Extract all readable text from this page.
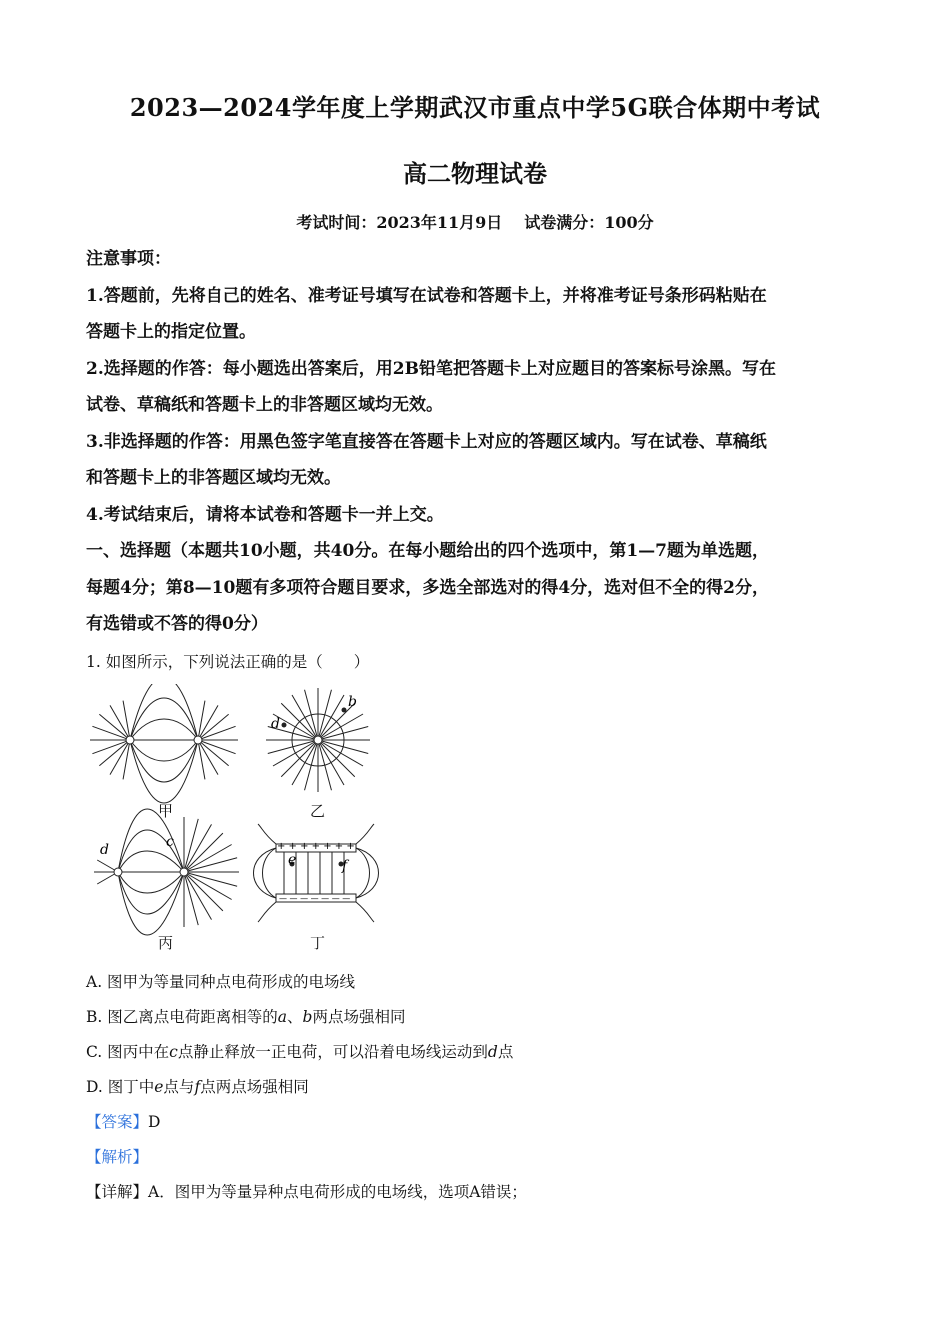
2023—2024学年度上学期武汉市重点中学5G联合体期中考试
高二物理试卷
考试时间：2023年11月9日 试卷满分：100分
注意事项：
1.答题前，先将自己的姓名、准考证号填写在试卷和答题卡上，并将准考证号条形码粘贴在
答题卡上的指定位置。
2.选择题的作答：每小题选出答案后，用2B铅笔把答题卡上对应题目的答案标号涂黑。写在
试卷、草稿纸和答题卡上的非答题区域均无效。
3.非选择题的作答：用黑色签字笔直接答在答题卡上对应的答题区域内。写在试卷、草稿纸
和答题卡上的非答题区域均无效。
4.考试结束后，请将本试卷和答题卡一并上交。
一、选择题（本题共10小题，共40分。在每小题给出的四个选项中，第1—7题为单选题，
每题4分；第8—10题有多项符合题目要求，多选全部选对的得4分，选对但不全的得2分，
有选错或不答的得0分）
1. 如图所示，下列说法正确的是（　　）
+ + + + + + +
— — — — — — —
b
d
d	c
e	f
甲	乙
丙	丁
A. 图甲为等量同种点电荷形成的电场线
B. 图乙离点电荷距离相等的a、b两点场强相同
C. 图丙中在c点静止释放一正电荷，可以沿着电场线运动到d点
D. 图丁中e点与f点两点场强相同
【答案】D
【解析】
【详解】A．图甲为等量异种点电荷形成的电场线，选项A错误；
